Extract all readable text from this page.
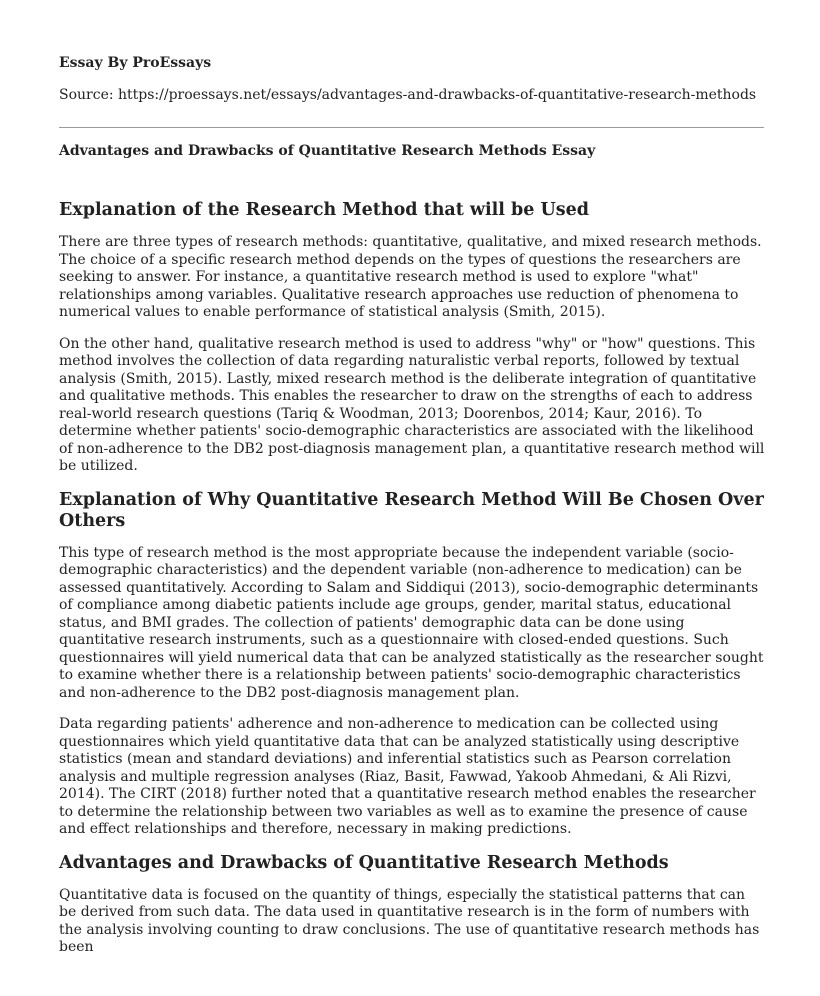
Essay By ProEssays
Source: https://proessays.net/essays/advantages-and-drawbacks-of-quantitative-research-methods
Advantages and Drawbacks of Quantitative Research Methods Essay
Explanation of the Research Method that will be Used

There are three types of research methods: quantitative, qualitative, and mixed research methods. The choice of a specific research method depends on the types of questions the researchers are seeking to answer. For instance, a quantitative research method is used to explore "what" relationships among variables. Qualitative research approaches use reduction of phenomena to numerical values to enable performance of statistical analysis (Smith, 2015).

On the other hand, qualitative research method is used to address "why" or "how" questions. This method involves the collection of data regarding naturalistic verbal reports, followed by textual analysis (Smith, 2015). Lastly, mixed research method is the deliberate integration of quantitative and qualitative methods. This enables the researcher to draw on the strengths of each to address real-world research questions (Tariq & Woodman, 2013; Doorenbos, 2014; Kaur, 2016). To determine whether patients' socio-demographic characteristics are associated with the likelihood of non-adherence to the DB2 post-diagnosis management plan, a quantitative research method will be utilized.

Explanation of Why Quantitative Research Method Will Be Chosen Over Others

This type of research method is the most appropriate because the independent variable (socio-demographic characteristics) and the dependent variable (non-adherence to medication) can be assessed quantitatively. According to Salam and Siddiqui (2013), socio-demographic determinants of compliance among diabetic patients include age groups, gender, marital status, educational status, and BMI grades. The collection of patients' demographic data can be done using quantitative research instruments, such as a questionnaire with closed-ended questions. Such questionnaires will yield numerical data that can be analyzed statistically as the researcher sought to examine whether there is a relationship between patients' socio-demographic characteristics and non-adherence to the DB2 post-diagnosis management plan.

Data regarding patients' adherence and non-adherence to medication can be collected using questionnaires which yield quantitative data that can be analyzed statistically using descriptive statistics (mean and standard deviations) and inferential statistics such as Pearson correlation analysis and multiple regression analyses (Riaz, Basit, Fawwad, Yakoob Ahmedani, & Ali Rizvi, 2014). The CIRT (2018) further noted that a quantitative research method enables the researcher to determine the relationship between two variables as well as to examine the presence of cause and effect relationships and therefore, necessary in making predictions.

Advantages and Drawbacks of Quantitative Research Methods

Quantitative data is focused on the quantity of things, especially the statistical patterns that can be derived from such data. The data used in quantitative research is in the form of numbers with the analysis involving counting to draw conclusions. The use of quantitative research methods has been
